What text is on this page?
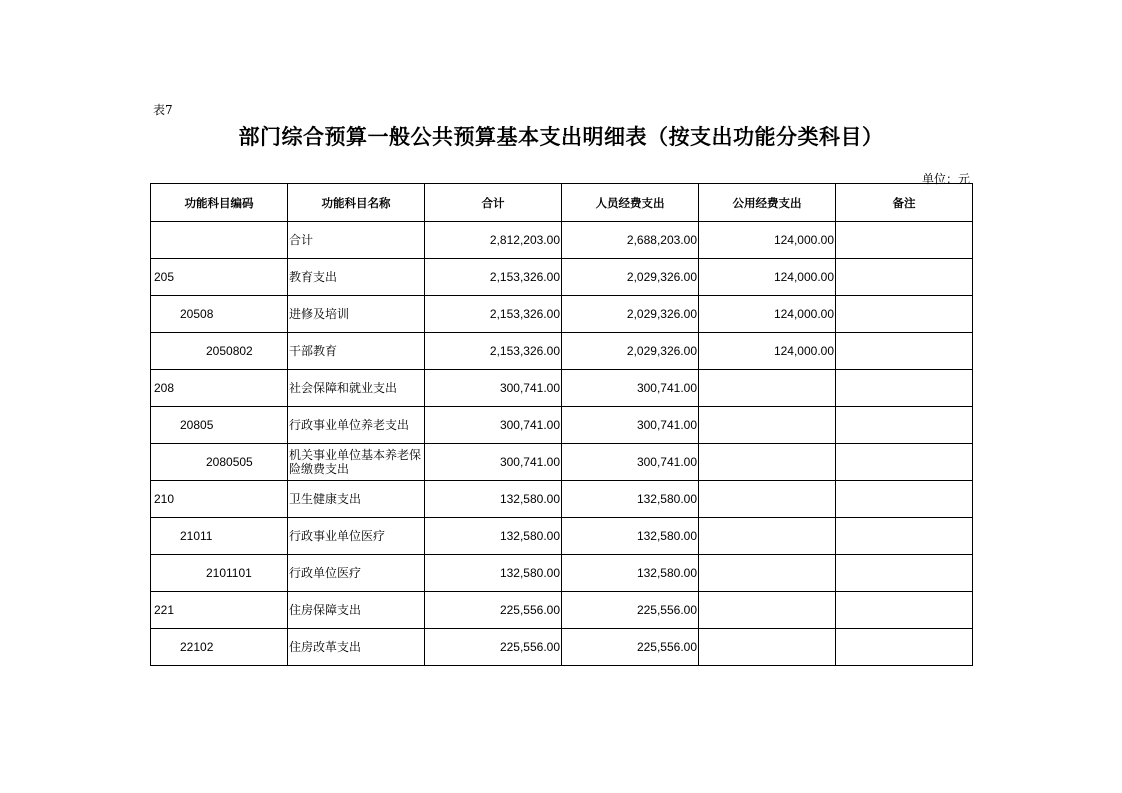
表7
部门综合预算一般公共预算基本支出明细表（按支出功能分类科目）
单位：元
功能科目编码	功能科目名称	合计	人员经费支出	公用经费支出	备注
	合计	2,812,203.00	2,688,203.00	124,000.00	
205	教育支出	2,153,326.00	2,029,326.00	124,000.00	
20508	进修及培训	2,153,326.00	2,029,326.00	124,000.00	
2050802	干部教育	2,153,326.00	2,029,326.00	124,000.00	
208	社会保障和就业支出	300,741.00	300,741.00		
20805	行政事业单位养老支出	300,741.00	300,741.00		
2080505	机关事业单位基本养老保险缴费支出	300,741.00	300,741.00		
210	卫生健康支出	132,580.00	132,580.00		
21011	行政事业单位医疗	132,580.00	132,580.00		
2101101	行政单位医疗	132,580.00	132,580.00		
221	住房保障支出	225,556.00	225,556.00		
22102	住房改革支出	225,556.00	225,556.00		
